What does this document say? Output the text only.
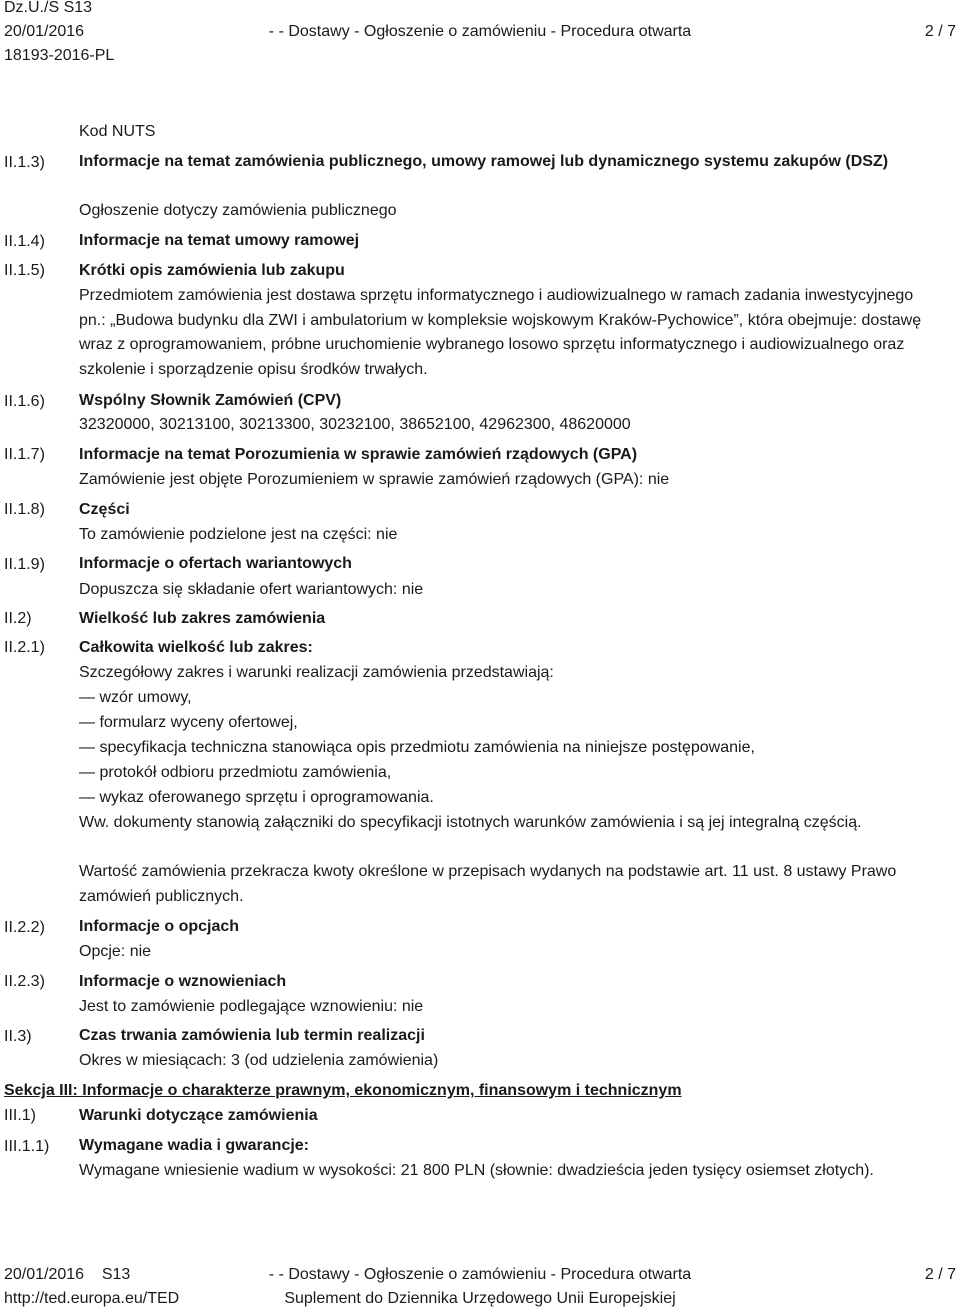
Dz.U./S S13
20/01/2016
18193-2016-PL
- - Dostawy - Ogłoszenie o zamówieniu - Procedura otwarta	2 / 7
II.1.3)
II.1.4)
II.1.5)
II.1.6)
II.1.7)
II.1.8)
II.1.9)
II.2)
II.2.1)
II.2.2)
II.2.3)
II.3)
III.1)
III.1.1)
Kod NUTS
Informacje na temat zamówienia publicznego, umowy ramowej lub dynamicznego systemu zakupów (DSZ)
Ogłoszenie dotyczy zamówienia publicznego
Informacje na temat umowy ramowej
Krótki opis zamówienia lub zakupu
Przedmiotem zamówienia jest dostawa sprzętu informatycznego i audiowizualnego w ramach zadania inwestycyjnego pn.: „Budowa budynku dla ZWI i ambulatorium w kompleksie wojskowym Kraków-Pychowice”, która obejmuje: dostawę wraz z oprogramowaniem, próbne uruchomienie wybranego losowo sprzętu informatycznego i audiowizualnego oraz szkolenie i sporządzenie opisu środków trwałych.
Wspólny Słownik Zamówień (CPV)
32320000, 30213100, 30213300, 30232100, 38652100, 42962300, 48620000
Informacje na temat Porozumienia w sprawie zamówień rządowych (GPA)
Zamówienie jest objęte Porozumieniem w sprawie zamówień rządowych (GPA): nie
Części
To zamówienie podzielone jest na części: nie
Informacje o ofertach wariantowych
Dopuszcza się składanie ofert wariantowych: nie
Wielkość lub zakres zamówienia
Całkowita wielkość lub zakres:
Szczegółowy zakres i warunki realizacji zamówienia przedstawiają:
— wzór umowy,
— formularz wyceny ofertowej,
— specyfikacja techniczna stanowiąca opis przedmiotu zamówienia na niniejsze postępowanie,
— protokół odbioru przedmiotu zamówienia,
— wykaz oferowanego sprzętu i oprogramowania.
Ww. dokumenty stanowią załączniki do specyfikacji istotnych warunków zamówienia i są jej integralną częścią.
Wartość zamówienia przekracza kwoty określone w przepisach wydanych na podstawie art. 11 ust. 8 ustawy Prawo zamówień publicznych.
Informacje o opcjach
Opcje: nie
Informacje o wznowieniach
Jest to zamówienie podlegające wznowieniu: nie
Czas trwania zamówienia lub termin realizacji
Okres w miesiącach: 3 (od udzielenia zamówienia)
Sekcja III: Informacje o charakterze prawnym, ekonomicznym, finansowym i technicznym
Warunki dotyczące zamówienia
Wymagane wadia i gwarancje:
Wymagane wniesienie wadium w wysokości: 21 800 PLN (słownie: dwadzieścia jeden tysięcy osiemset złotych).
20/01/2016 S13
http://ted.europa.eu/TED
- - Dostawy - Ogłoszenie o zamówieniu - Procedura otwarta
Suplement do Dziennika Urzędowego Unii Europejskiej
2 / 7
